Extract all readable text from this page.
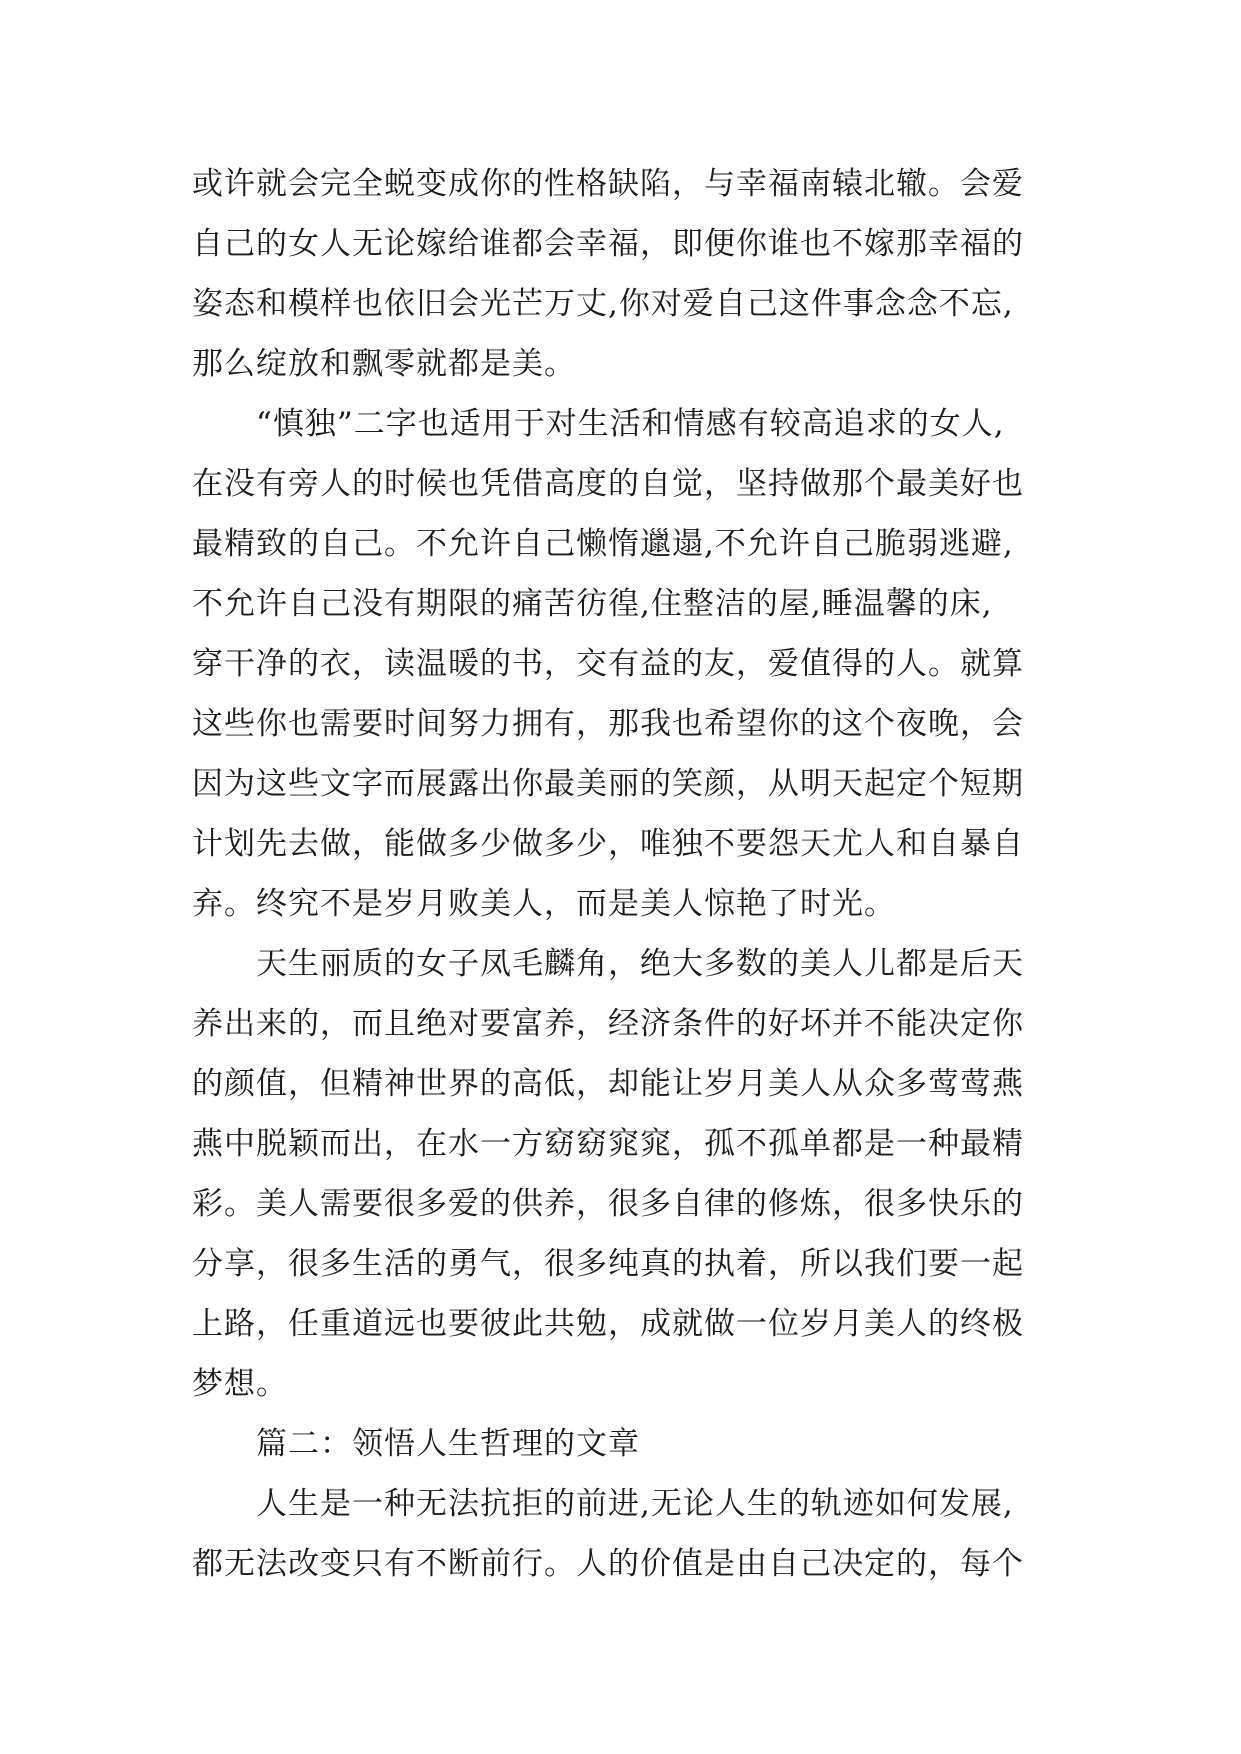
或许就会完全蜕变成你的性格缺陷，与幸福南辕北辙。会爱
自己的女人无论嫁给谁都会幸福，即便你谁也不嫁那幸福的
姿态和模样也依旧会光芒万丈,你对爱自己这件事念念不忘,
那么绽放和飘零就都是美。
“慎独”二字也适用于对生活和情感有较高追求的女人,
在没有旁人的时候也凭借高度的自觉，坚持做那个最美好也
最精致的自己。不允许自己懒惰邋遢,不允许自己脆弱逃避,
不允许自己没有期限的痛苦彷徨,住整洁的屋,睡温馨的床,
穿干净的衣，读温暖的书，交有益的友，爱值得的人。就算
这些你也需要时间努力拥有，那我也希望你的这个夜晚，会
因为这些文字而展露出你最美丽的笑颜，从明天起定个短期
计划先去做，能做多少做多少，唯独不要怨天尤人和自暴自
弃。终究不是岁月败美人，而是美人惊艳了时光。
天生丽质的女子凤毛麟角，绝大多数的美人儿都是后天
养出来的，而且绝对要富养，经济条件的好坏并不能决定你
的颜值，但精神世界的高低，却能让岁月美人从众多莺莺燕
燕中脱颖而出，在水一方窈窈窕窕，孤不孤单都是一种最精
彩。美人需要很多爱的供养，很多自律的修炼，很多快乐的
分享，很多生活的勇气，很多纯真的执着，所以我们要一起
上路，任重道远也要彼此共勉，成就做一位岁月美人的终极
梦想。
篇二：领悟人生哲理的文章
人生是一种无法抗拒的前进,无论人生的轨迹如何发展,
都无法改变只有不断前行。人的价值是由自己决定的，每个
